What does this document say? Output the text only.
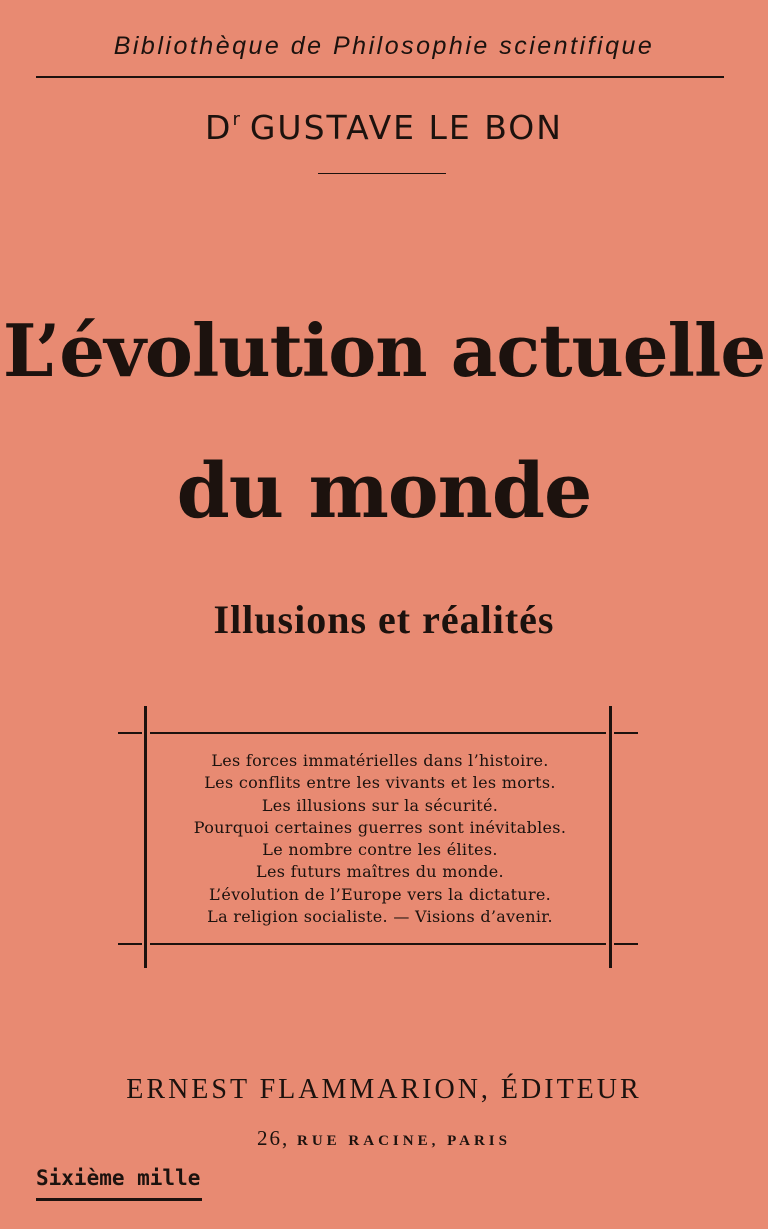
Bibliothèque de Philosophie scientifique
$D^r$ GUSTAVE LE BON
L’évolution actuelle
du monde
Illusions et réalités
Les forces immatérielles dans l’histoire.
Les conflits entre les vivants et les morts.
Les illusions sur la sécurité.
Pourquoi certaines guerres sont inévitables.
Le nombre contre les élites.
Les futurs maîtres du monde.
L’évolution de l’Europe vers la dictature.
La religion socialiste. — Visions d’avenir.
ERNEST FLAMMARION, ÉDITEUR
26, RUE RACINE, PARIS
Sixième mille
